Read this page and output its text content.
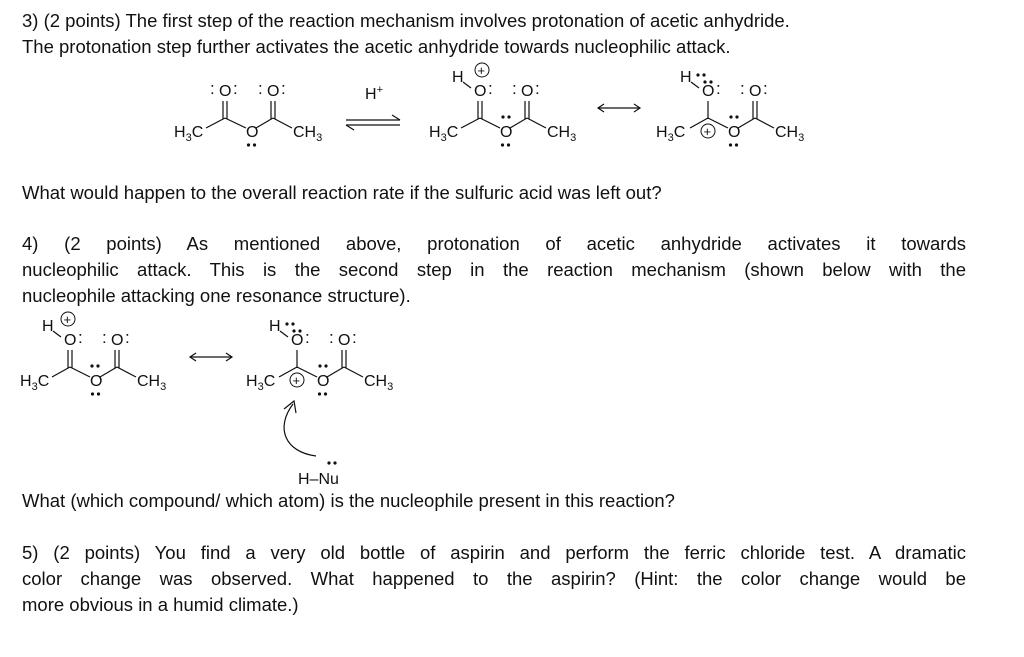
3) (2 points) The first step of the reaction mechanism involves protonation of acetic anhydride.
The protonation step further activates the acetic anhydride towards nucleophilic attack.
: O : : O :
$H_3C$	O $CH_3$
H+
H +
O : : O :
$H_3C$	O $CH_3$
H
O : : O :
$H_3C + O$ $CH_3$
What would happen to the overall reaction rate if the sulfuric acid was left out?
4) (2 points) As mentioned above, protonation of acetic anhydride activates it towards
nucleophilic attack. This is the second step in the reaction mechanism (shown below with the
nucleophile attacking one resonance structure).
H +
O : : O :
$H_3C$	O $CH_3$
H
O : : O :
$H_3C + O$ $CH_3$
H–Nu
What (which compound/ which atom) is the nucleophile present in this reaction?
5) (2 points) You find a very old bottle of aspirin and perform the ferric chloride test. A dramatic
color change was observed. What happened to the aspirin? (Hint: the color change would be
more obvious in a humid climate.)
